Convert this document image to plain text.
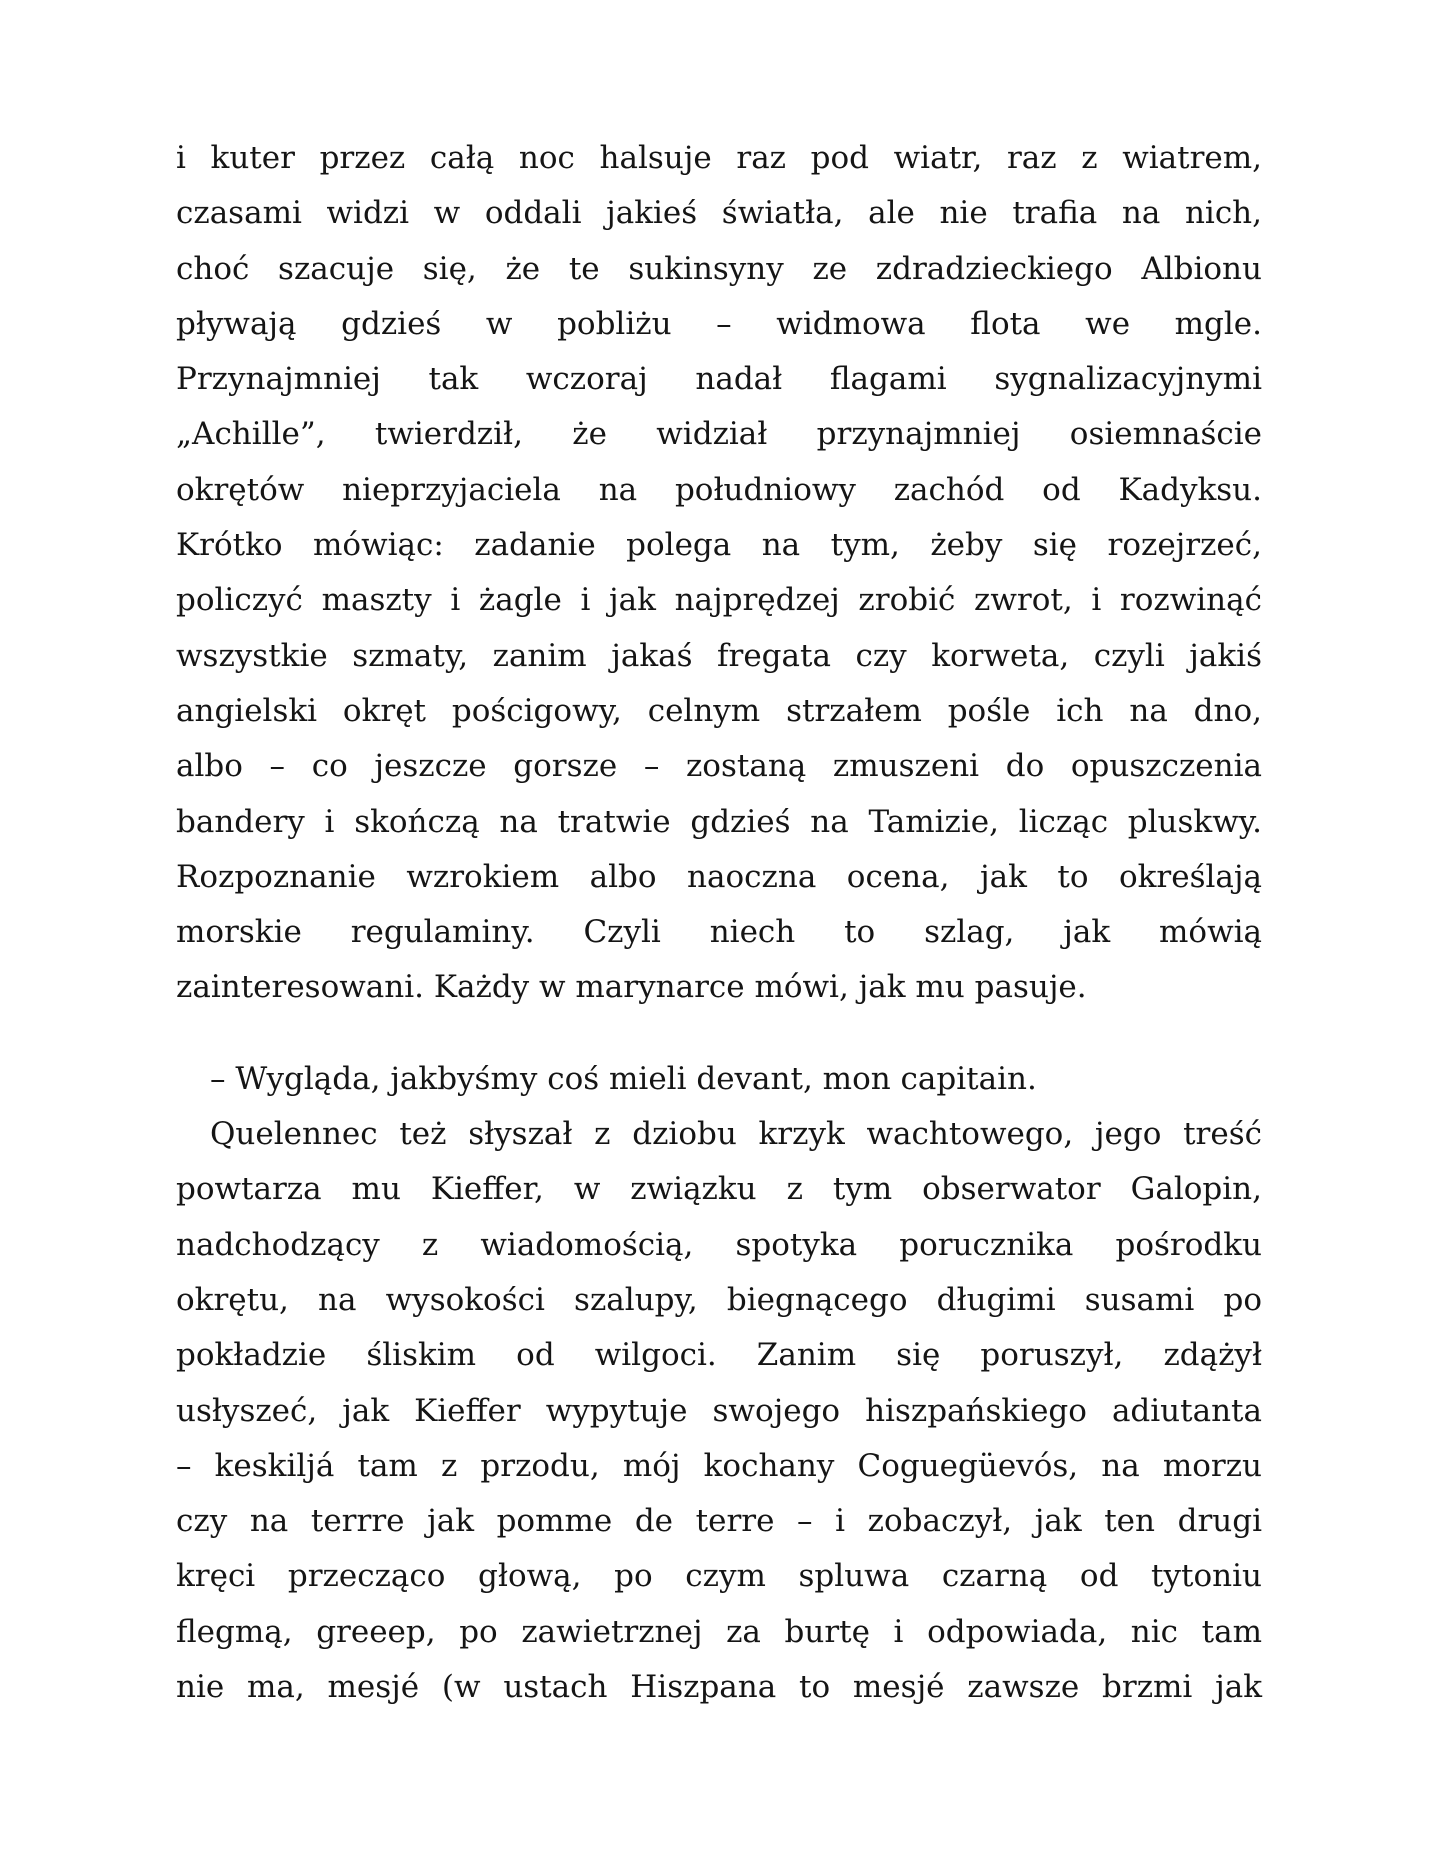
i kuter przez całą noc halsuje raz pod wiatr, raz z wiatrem,
czasami widzi w oddali jakieś światła, ale nie trafia na nich,
choć szacuje się, że te sukinsyny ze zdradzieckiego Albionu
pływają gdzieś w pobliżu – widmowa flota we mgle.
Przynajmniej tak wczoraj nadał flagami sygnalizacyjnymi
„Achille”, twierdził, że widział przynajmniej osiemnaście
okrętów nieprzyjaciela na południowy zachód od Kadyksu.
Krótko mówiąc: zadanie polega na tym, żeby się rozejrzeć,
policzyć maszty i żagle i jak najprędzej zrobić zwrot, i rozwinąć
wszystkie szmaty, zanim jakaś fregata czy korweta, czyli jakiś
angielski okręt pościgowy, celnym strzałem pośle ich na dno,
albo – co jeszcze gorsze – zostaną zmuszeni do opuszczenia
bandery i skończą na tratwie gdzieś na Tamizie, licząc pluskwy.
Rozpoznanie wzrokiem albo naoczna ocena, jak to określają
morskie regulaminy. Czyli niech to szlag, jak mówią
zainteresowani. Każdy w marynarce mówi, jak mu pasuje.
– Wygląda, jakbyśmy coś mieli devant, mon capitain.
Quelennec też słyszał z dziobu krzyk wachtowego, jego treść
powtarza mu Kieffer, w związku z tym obserwator Galopin,
nadchodzący z wiadomością, spotyka porucznika pośrodku
okrętu, na wysokości szalupy, biegnącego długimi susami po
pokładzie śliskim od wilgoci. Zanim się poruszył, zdążył
usłyszeć, jak Kieffer wypytuje swojego hiszpańskiego adiutanta
– keskiljá tam z przodu, mój kochany Coguegüevós, na morzu
czy na terrre jak pomme de terre – i zobaczył, jak ten drugi
kręci przecząco głową, po czym spluwa czarną od tytoniu
flegmą, greeep, po zawietrznej za burtę i odpowiada, nic tam
nie ma, mesjé (w ustach Hiszpana to mesjé zawsze brzmi jak
